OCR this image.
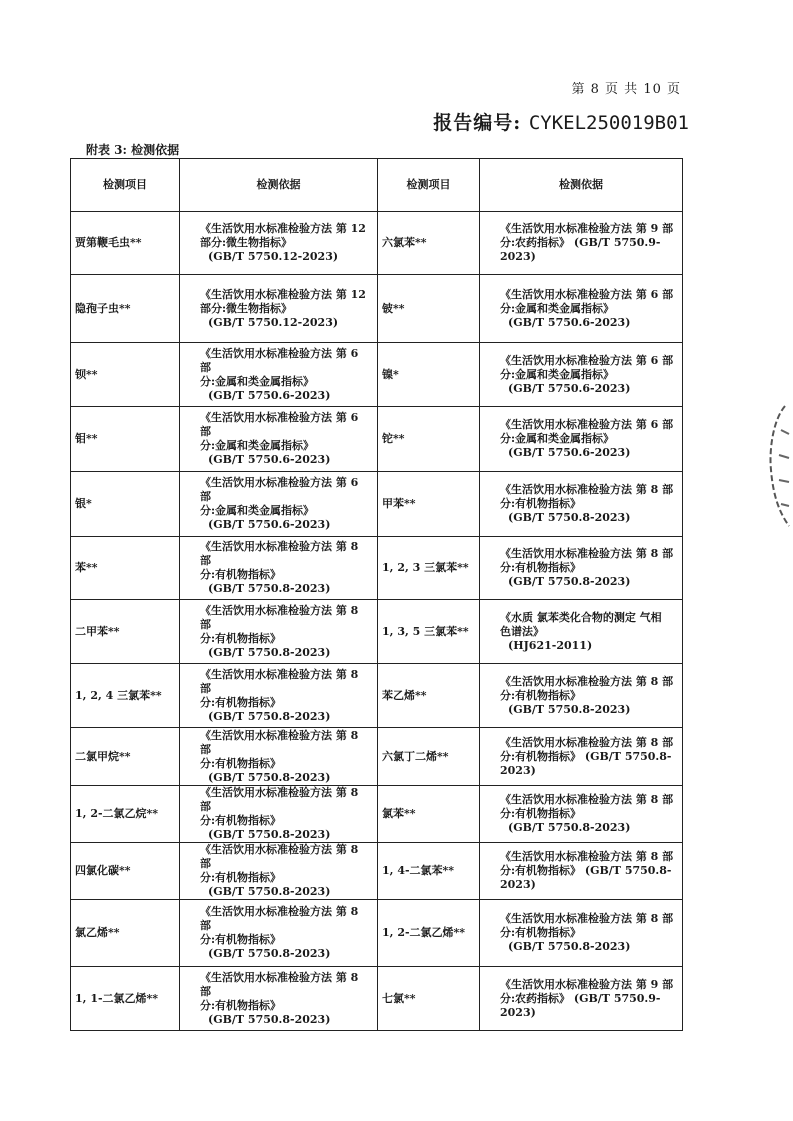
第 8 页 共 10 页
报告编号: CYKEL250019B01
附表 3: 检测依据
检测项目	检测依据	检测项目	检测依据
贾第鞭毛虫**	《生活饮用水标准检验方法 第 12
部分:微生物指标》
(GB/T 5750.12-2023)	六氯苯**	《生活饮用水标准检验方法 第 9 部
分:农药指标》 (GB/T 5750.9-2023)

隐孢子虫**	《生活饮用水标准检验方法 第 12
部分:微生物指标》
(GB/T 5750.12-2023)	铍**	《生活饮用水标准检验方法 第 6 部
分:金属和类金属指标》
(GB/T 5750.6-2023)

钡**	《生活饮用水标准检验方法 第 6 部
分:金属和类金属指标》
(GB/T 5750.6-2023)	镍*	《生活饮用水标准检验方法 第 6 部
分:金属和类金属指标》
(GB/T 5750.6-2023)

钼**	《生活饮用水标准检验方法 第 6 部
分:金属和类金属指标》
(GB/T 5750.6-2023)	铊**	《生活饮用水标准检验方法 第 6 部
分:金属和类金属指标》
(GB/T 5750.6-2023)

银*	《生活饮用水标准检验方法 第 6 部
分:金属和类金属指标》
(GB/T 5750.6-2023)	甲苯**	《生活饮用水标准检验方法 第 8 部
分:有机物指标》
(GB/T 5750.8-2023)

苯**	《生活饮用水标准检验方法 第 8 部
分:有机物指标》
(GB/T 5750.8-2023)	1, 2, 3 三氯苯**	《生活饮用水标准检验方法 第 8 部
分:有机物指标》
(GB/T 5750.8-2023)

二甲苯**	《生活饮用水标准检验方法 第 8 部
分:有机物指标》
(GB/T 5750.8-2023)	1, 3, 5 三氯苯**	《水质 氯苯类化合物的测定 气相
色谱法》
(HJ621-2011)

1, 2, 4 三氯苯**	《生活饮用水标准检验方法 第 8 部
分:有机物指标》
(GB/T 5750.8-2023)	苯乙烯**	《生活饮用水标准检验方法 第 8 部
分:有机物指标》
(GB/T 5750.8-2023)

二氯甲烷**	《生活饮用水标准检验方法 第 8 部
分:有机物指标》
(GB/T 5750.8-2023)	六氯丁二烯**	《生活饮用水标准检验方法 第 8 部
分:有机物指标》 (GB/T 5750.8-2023)

1, 2-二氯乙烷**	《生活饮用水标准检验方法 第 8 部
分:有机物指标》
(GB/T 5750.8-2023)	氯苯**	《生活饮用水标准检验方法 第 8 部
分:有机物指标》
(GB/T 5750.8-2023)

四氯化碳**	《生活饮用水标准检验方法 第 8 部
分:有机物指标》
(GB/T 5750.8-2023)	1, 4-二氯苯**	《生活饮用水标准检验方法 第 8 部
分:有机物指标》 (GB/T 5750.8-2023)

氯乙烯**	《生活饮用水标准检验方法 第 8 部
分:有机物指标》
(GB/T 5750.8-2023)	1, 2-二氯乙烯**	《生活饮用水标准检验方法 第 8 部
分:有机物指标》
(GB/T 5750.8-2023)

1, 1-二氯乙烯**	《生活饮用水标准检验方法 第 8 部
分:有机物指标》
(GB/T 5750.8-2023)	七氯**	《生活饮用水标准检验方法 第 9 部
分:农药指标》 (GB/T 5750.9-2023)
